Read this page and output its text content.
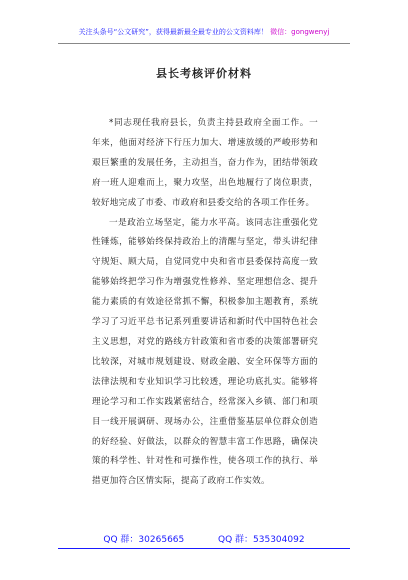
关注头条号“公文研究”，获得最新最全最专业的公文资料库！ 微信：gongwenyj
县长考核评价材料

*同志现任我府县长，负责主持县政府全面工作。一年来，他面对经济下行压力加大、增速放缓的严峻形势和艰巨繁重的发展任务，主动担当，奋力作为，团结带领政府一班人迎难而上，聚力攻坚，出色地履行了岗位职责，较好地完成了市委、市政府和县委交给的各项工作任务。

一是政治立场坚定，能力水平高。该同志注重强化党性锤炼，能够始终保持政治上的清醒与坚定，带头讲纪律守规矩、顾大局，自觉同党中央和省市县委保持高度一致能够始终把学习作为增强党性修养、坚定理想信念、提升能力素质的有效途径常抓不懈，积极参加主题教育，系统学习了习近平总书记系列重要讲话和新时代中国特色社会主义思想，对党的路线方针政策和省市委的决策部署研究比较深，对城市规划建设、财政金融、安全环保等方面的法律法规和专业知识学习比较透，理论功底扎实。能够将理论学习和工作实践紧密结合，经常深入乡镇、部门和项目一线开展调研、现场办公，注重借鉴基层单位群众创造的好经验、好做法，以群众的智慧丰富工作思路，确保决策的科学性、针对性和可操作性，使各项工作的执行、举措更加符合区情实际，提高了政府工作实效。

QQ 群：30265665	QQ 群：535304092
